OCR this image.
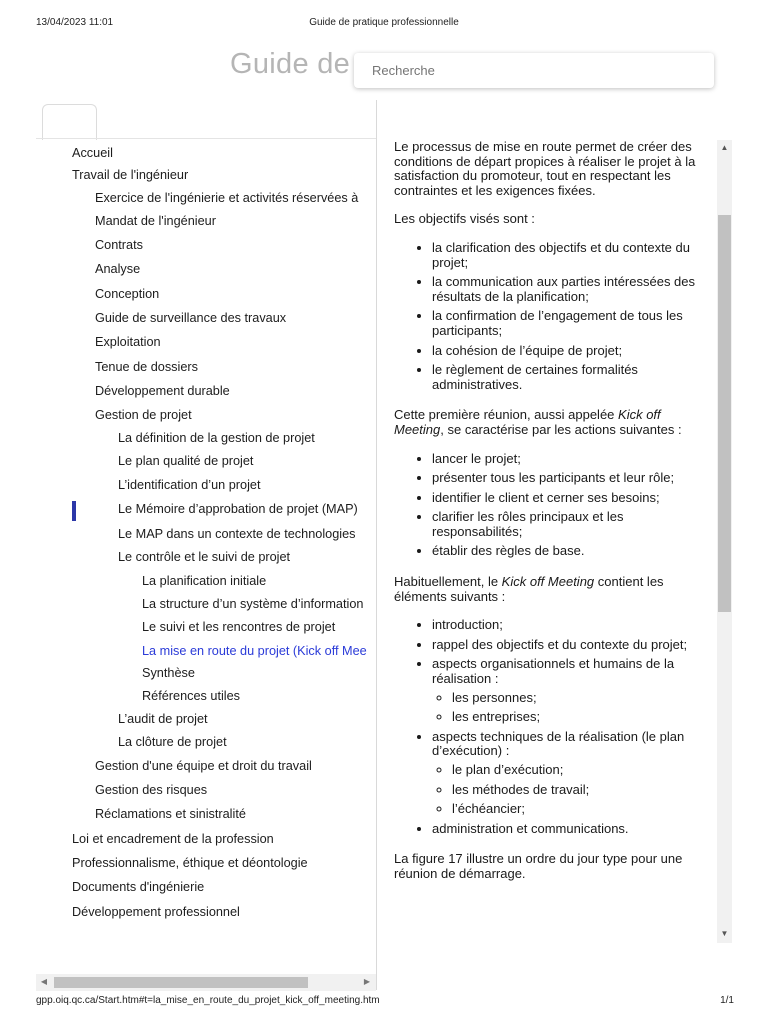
13/04/2023 11:01	Guide de pratique professionnelle
Guide de
Recherche
Accueil
Travail de l'ingénieur
Exercice de l'ingénierie et activités réservées à
Mandat de l'ingénieur
Contrats
Analyse
Conception
Guide de surveillance des travaux
Exploitation
Tenue de dossiers
Développement durable
Gestion de projet
La définition de la gestion de projet
Le plan qualité de projet
L’identification d’un projet
Le Mémoire d’approbation de projet (MAP)
Le MAP dans un contexte de technologies
Le contrôle et le suivi de projet
La planification initiale
La structure d’un système d’information
Le suivi et les rencontres de projet
La mise en route du projet (Kick off Mee
Synthèse
Références utiles
L’audit de projet
La clôture de projet
Gestion d'une équipe et droit du travail
Gestion des risques
Réclamations et sinistralité
Loi et encadrement de la profession
Professionnalisme, éthique et déontologie
Documents d'ingénierie
Développement professionnel
◀	▶

Le processus de mise en route permet de créer des conditions de départ propices à réaliser le projet à la satisfaction du promoteur, tout en respectant les contraintes et les exigences fixées.

Les objectifs visés sont :

• la clarification des objectifs et du contexte du projet;
• la communication aux parties intéressées des résultats de la planification;
• la confirmation de l’engagement de tous les participants;
• la cohésion de l’équipe de projet;
• le règlement de certaines formalités administratives.

Cette première réunion, aussi appelée Kick off Meeting, se caractérise par les actions suivantes :

• lancer le projet;
• présenter tous les participants et leur rôle;
• identifier le client et cerner ses besoins;
• clarifier les rôles principaux et les responsabilités;
• établir des règles de base.

Habituellement, le Kick off Meeting contient les éléments suivants :

• introduction;
• rappel des objectifs et du contexte du projet;
• aspects organisationnels et humains de la réalisation :
◦ les personnes;
◦ les entreprises;
• aspects techniques de la réalisation (le plan d’exécution) :
◦ le plan d’exécution;
◦ les méthodes de travail;
◦ l’échéancier;
• administration et communications.

La figure 17 illustre un ordre du jour type pour une réunion de démarrage.

▲
▼
gpp.oiq.qc.ca/Start.htm#t=la_mise_en_route_du_projet_kick_off_meeting.htm	1/1
